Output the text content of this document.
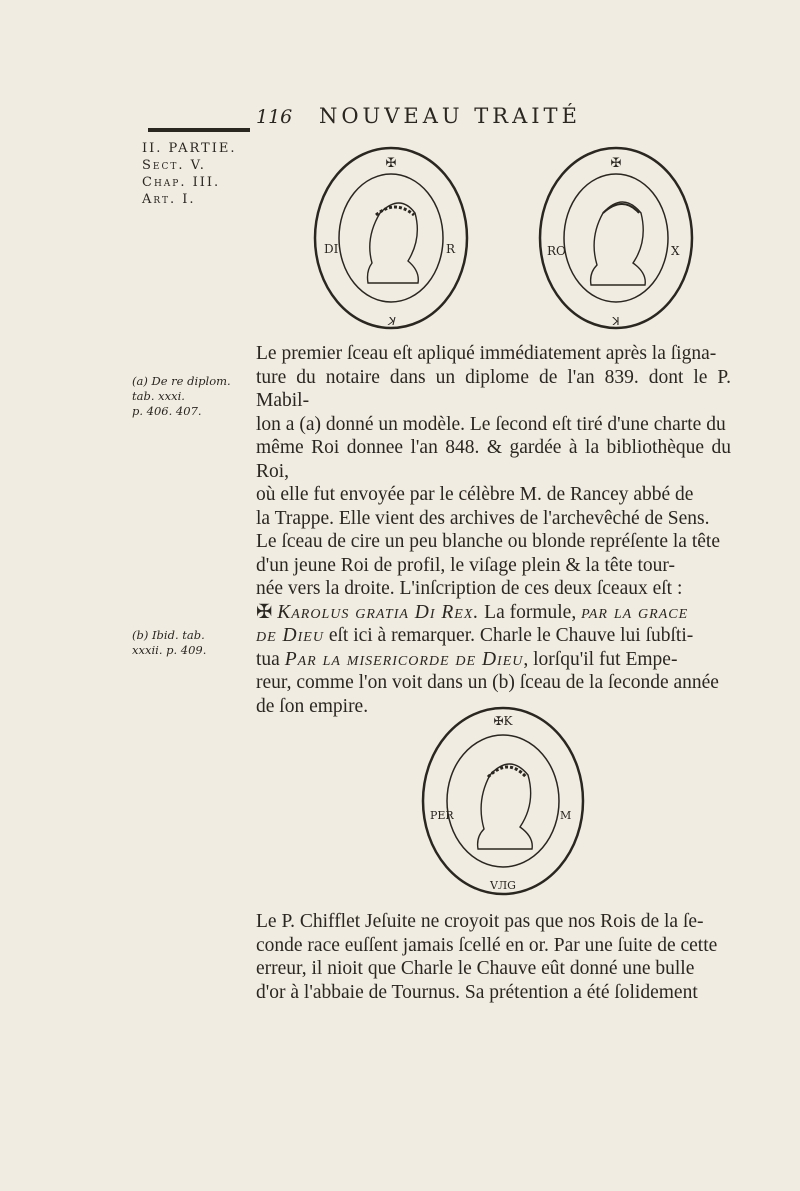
116 NOUVEAU TRAITÉ
II. PARTIE.
Sect. V.
Chap. III.
Art. I.
✠
ꓘ
DI	R
✠
ꓘ
RO	X
Le premier ſceau eſt apliqué immédiatement après la ſigna-
ture du notaire dans un diplome de l'an 839. dont le P. Mabil-
lon a (a) donné un modèle. Le ſecond eſt tiré d'une charte du
même Roi donnee l'an 848. & gardée à la bibliothèque du Roi,
où elle fut envoyée par le célèbre M. de Rancey abbé de
la Trappe. Elle vient des archives de l'archevêché de Sens.
Le ſceau de cire un peu blanche ou blonde repréſente la tête
d'un jeune Roi de profil, le viſage plein & la tête tour-
née vers la droite. L'inſcription de ces deux ſceaux eſt :
✠ Karolus gratia Di Rex. La formule, par la grace
de Dieu eſt ici à remarquer. Charle le Chauve lui ſubſti-
tua Par la misericorde de Dieu, lorſqu'il fut Empe-
reur, comme l'on voit dans un (b) ſceau de la ſeconde année
de ſon empire.
(a) De re diplom.
tab. xxxi.
p. 406. 407.
(b) Ibid. tab.
xxxii. p. 409.
✠K
VЛG
PER	M
Le P. Chifflet Jeſuite ne croyoit pas que nos Rois de la ſe-
conde race euſſent jamais ſcellé en or. Par une ſuite de cette
erreur, il nioit que Charle le Chauve eût donné une bulle
d'or à l'abbaie de Tournus. Sa prétention a été ſolidement
